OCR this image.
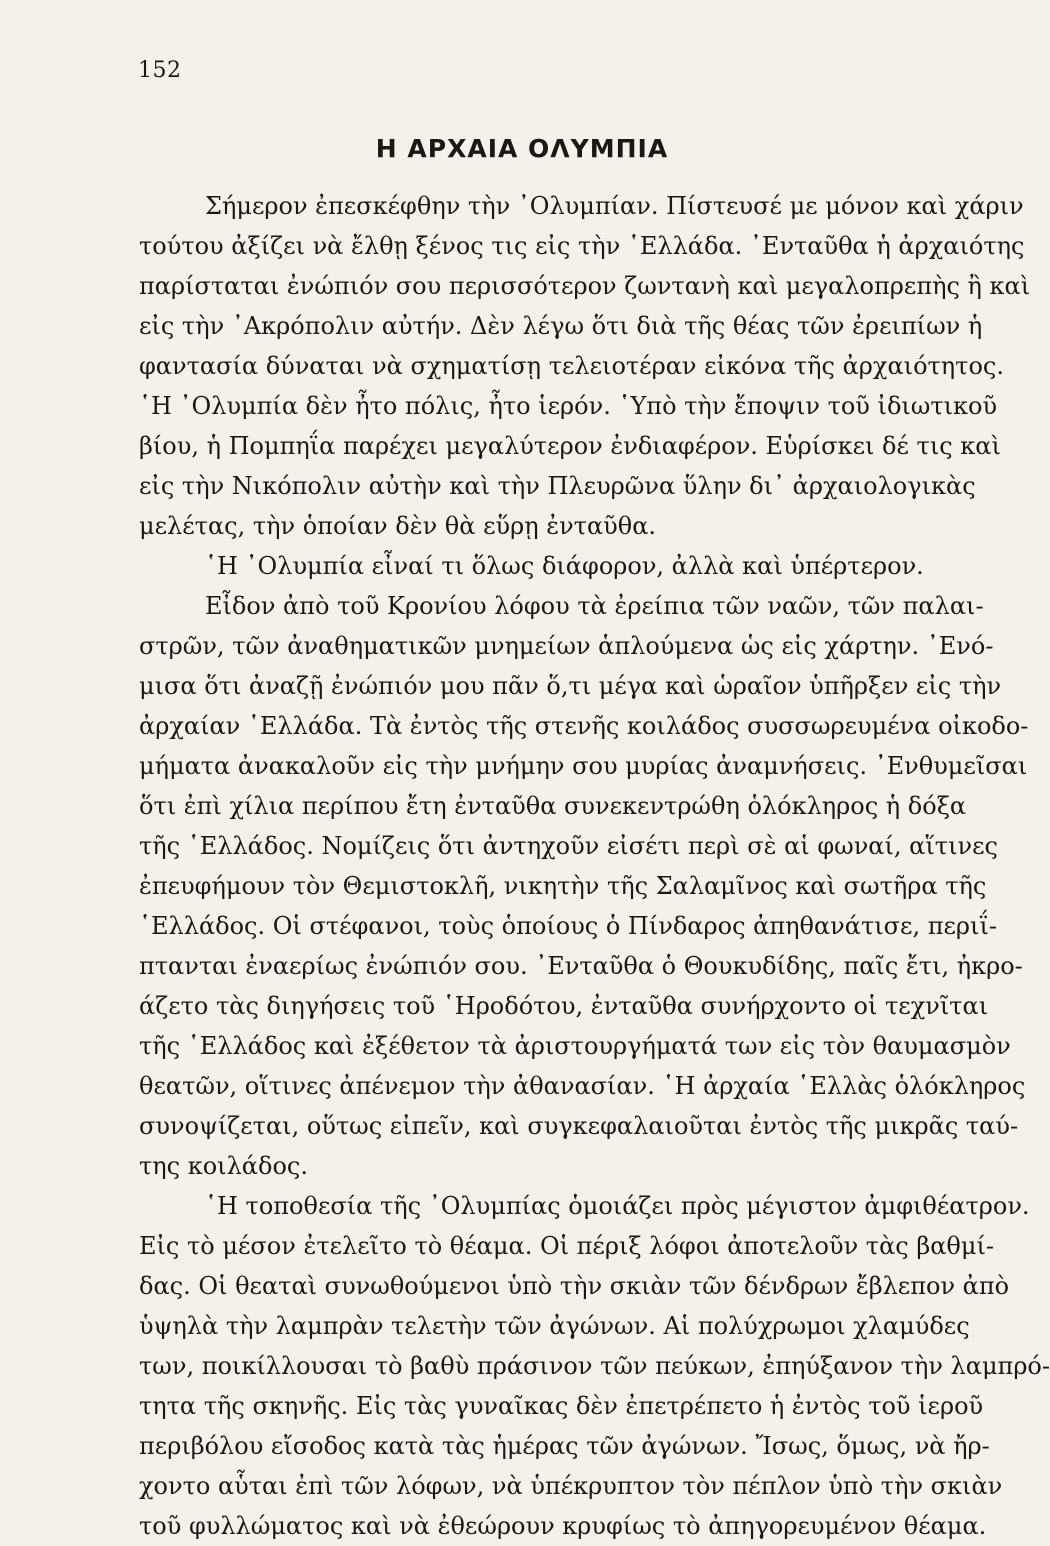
152
Η ΑΡΧΑΙΑ ΟΛΥΜΠΙΑ
Σήμερον ἐπεσκέφθην τὴν ᾽Ολυμπίαν. Πίστευσέ με μόνον καὶ χάριν
τούτου ἀξίζει νὰ ἔλθῃ ξένος τις εἰς τὴν ῾Ελλάδα. ᾽Ενταῦθα ἡ ἀρχαιότης
παρίσταται ἐνώπιόν σου περισσότερον ζωντανὴ καὶ μεγαλοπρεπὴς ἢ καὶ
εἰς τὴν ᾽Ακρόπολιν αὐτήν. Δὲν λέγω ὅτι διὰ τῆς θέας τῶν ἐρειπίων ἡ
φαντασία δύναται νὰ σχηματίσῃ τελειοτέραν εἰκόνα τῆς ἀρχαιότητος.
῾Η ᾽Ολυμπία δὲν ἦτο πόλις, ἦτο ἱερόν. ῾Υπὸ τὴν ἔποψιν τοῦ ἰδιωτικοῦ
βίου, ἡ Πομπηΐα παρέχει μεγαλύτερον ἐνδιαφέρον. Εὑρίσκει δέ τις καὶ
εἰς τὴν Νικόπολιν αὐτὴν καὶ τὴν Πλευρῶνα ὕλην δι᾽ ἀρχαιολογικὰς
μελέτας, τὴν ὁποίαν δὲν θὰ εὕρῃ ἐνταῦθα.
῾Η ᾽Ολυμπία εἶναί τι ὅλως διάφορον, ἀλλὰ καὶ ὑπέρτερον.
Εἶδον ἀπὸ τοῦ Κρονίου λόφου τὰ ἐρείπια τῶν ναῶν, τῶν παλαι-
στρῶν, τῶν ἀναθηματικῶν μνημείων ἁπλούμενα ὡς εἰς χάρτην. ᾽Ενό-
μισα ὅτι ἀναζῇ ἐνώπιόν μου πᾶν ὅ,τι μέγα καὶ ὡραῖον ὑπῆρξεν εἰς τὴν
ἀρχαίαν ῾Ελλάδα. Τὰ ἐντὸς τῆς στενῆς κοιλάδος συσσωρευμένα οἰκοδο-
μήματα ἀνακαλοῦν εἰς τὴν μνήμην σου μυρίας ἀναμνήσεις. ᾽Ενθυμεῖσαι
ὅτι ἐπὶ χίλια περίπου ἔτη ἐνταῦθα συνεκεντρώθη ὁλόκληρος ἡ δόξα
τῆς ῾Ελλάδος. Νομίζεις ὅτι ἀντηχοῦν εἰσέτι περὶ σὲ αἱ φωναί, αἵτινες
ἐπευφήμουν τὸν Θεμιστοκλῆ, νικητὴν τῆς Σαλαμῖνος καὶ σωτῆρα τῆς
῾Ελλάδος. Οἱ στέφανοι, τοὺς ὁποίους ὁ Πίνδαρος ἀπηθανάτισε, περιΐ-
πτανται ἐναερίως ἐνώπιόν σου. ᾽Ενταῦθα ὁ Θουκυδίδης, παῖς ἔτι, ἠκρο-
άζετο τὰς διηγήσεις τοῦ ῾Ηροδότου, ἐνταῦθα συνήρχοντο οἱ τεχνῖται
τῆς ῾Ελλάδος καὶ ἐξέθετον τὰ ἀριστουργήματά των εἰς τὸν θαυμασμὸν
θεατῶν, οἵτινες ἀπένεμον τὴν ἀθανασίαν. ῾Η ἀρχαία ῾Ελλὰς ὁλόκληρος
συνοψίζεται, οὕτως εἰπεῖν, καὶ συγκεφαλαιοῦται ἐντὸς τῆς μικρᾶς ταύ-
της κοιλάδος.
῾Η τοποθεσία τῆς ᾽Ολυμπίας ὁμοιάζει πρὸς μέγιστον ἀμφιθέατρον.
Εἰς τὸ μέσον ἐτελεῖτο τὸ θέαμα. Οἱ πέριξ λόφοι ἀποτελοῦν τὰς βαθμί-
δας. Οἱ θεαταὶ συνωθούμενοι ὑπὸ τὴν σκιὰν τῶν δένδρων ἔβλεπον ἀπὸ
ὑψηλὰ τὴν λαμπρὰν τελετὴν τῶν ἀγώνων. Αἱ πολύχρωμοι χλαμύδες
των, ποικίλλουσαι τὸ βαθὺ πράσινον τῶν πεύκων, ἐπηύξανον τὴν λαμπρό-
τητα τῆς σκηνῆς. Εἰς τὰς γυναῖκας δὲν ἐπετρέπετο ἡ ἐντὸς τοῦ ἱεροῦ
περιβόλου εἴσοδος κατὰ τὰς ἡμέρας τῶν ἀγώνων. Ἴσως, ὅμως, νὰ ἤρ-
χοντο αὗται ἐπὶ τῶν λόφων, νὰ ὑπέκρυπτον τὸν πέπλον ὑπὸ τὴν σκιὰν
τοῦ φυλλώματος καὶ νὰ ἐθεώρουν κρυφίως τὸ ἀπηγορευμένον θέαμα.
